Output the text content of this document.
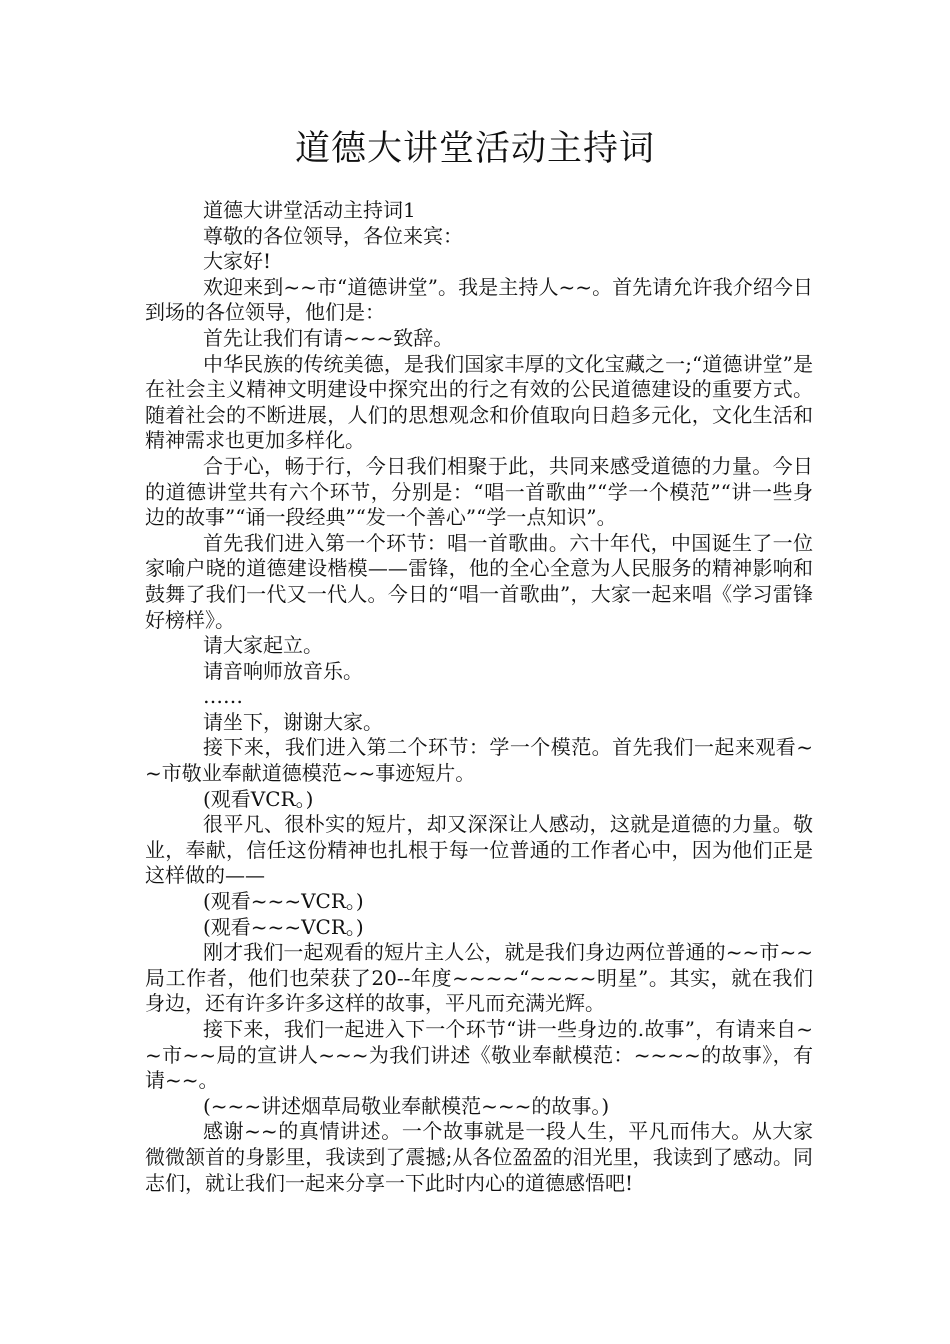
道德大讲堂活动主持词

道德大讲堂活动主持词1

尊敬的各位领导，各位来宾：

大家好!

欢迎来到~~市“道德讲堂”。我是主持人~~。首先请允许我介绍今日到场的各位领导，他们是：

首先让我们有请~~~致辞。

中华民族的传统美德，是我们国家丰厚的文化宝藏之一;“道德讲堂”是在社会主义精神文明建设中探究出的行之有效的公民道德建设的重要方式。随着社会的不断进展，人们的思想观念和价值取向日趋多元化，文化生活和精神需求也更加多样化。

合于心，畅于行，今日我们相聚于此，共同来感受道德的力量。今日的道德讲堂共有六个环节，分别是：“唱一首歌曲”“学一个模范”“讲一些身边的故事”“诵一段经典”“发一个善心”“学一点知识”。

首先我们进入第一个环节：唱一首歌曲。六十年代，中国诞生了一位家喻户晓的道德建设楷模——雷锋，他的全心全意为人民服务的精神影响和鼓舞了我们一代又一代人。今日的“唱一首歌曲”，大家一起来唱《学习雷锋好榜样》。

请大家起立。

请音响师放音乐。

……

请坐下，谢谢大家。

接下来，我们进入第二个环节：学一个模范。首先我们一起来观看~~市敬业奉献道德模范~~事迹短片。

(观看VCR。)

很平凡、很朴实的短片，却又深深让人感动，这就是道德的力量。敬业，奉献，信任这份精神也扎根于每一位普通的工作者心中，因为他们正是这样做的——

(观看~~~VCR。)

(观看~~~VCR。)

刚才我们一起观看的短片主人公，就是我们身边两位普通的~~市~~局工作者，他们也荣获了20--年度~~~~“~~~~明星”。其实，就在我们身边，还有许多许多这样的故事，平凡而充满光辉。

接下来，我们一起进入下一个环节“讲一些身边的.故事”，有请来自~~市~~局的宣讲人~~~为我们讲述《敬业奉献模范：~~~~的故事》，有请~~。

(~~~讲述烟草局敬业奉献模范~~~的故事。)

感谢~~的真情讲述。一个故事就是一段人生，平凡而伟大。从大家微微颔首的身影里，我读到了震撼;从各位盈盈的泪光里，我读到了感动。同志们，就让我们一起来分享一下此时内心的道德感悟吧!
